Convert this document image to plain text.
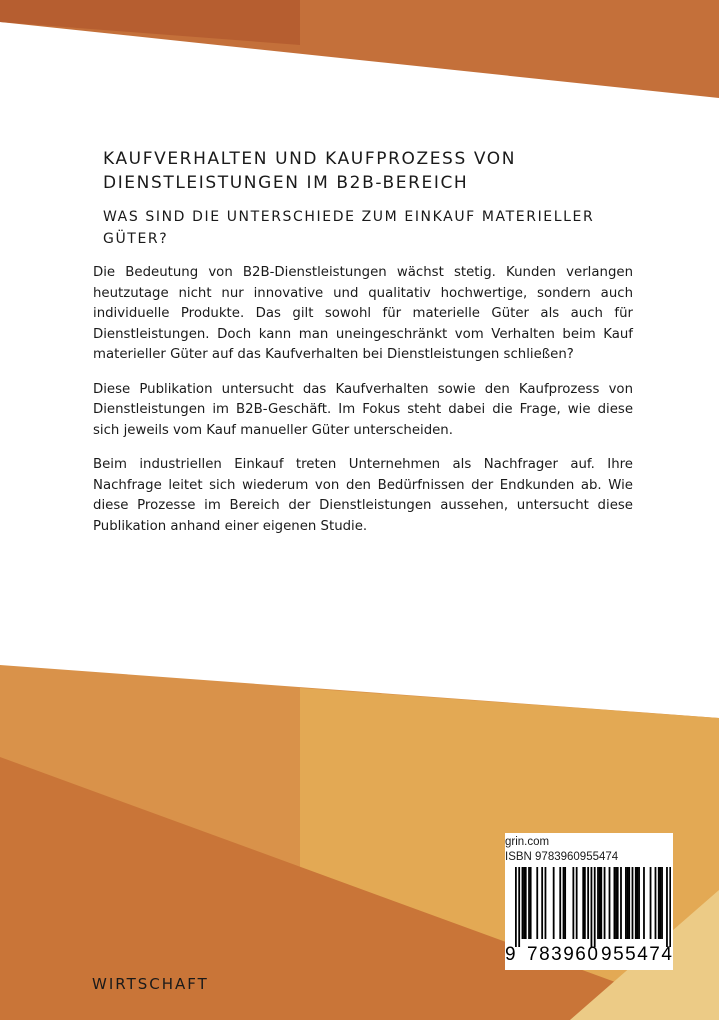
KAUFVERHALTEN UND KAUFPROZESS VON DIENSTLEISTUNGEN IM B2B-BEREICH
WAS SIND DIE UNTERSCHIEDE ZUM EINKAUF MATERIELLER GÜTER?

Die Bedeutung von B2B-Dienstleistungen wächst stetig. Kunden verlangen heutzutage nicht nur innovative und qualitativ hochwertige, sondern auch individuelle Produkte. Das gilt sowohl für materielle Güter als auch für Dienstleistungen. Doch kann man uneingeschränkt vom Verhalten beim Kauf materieller Güter auf das Kaufverhalten bei Dienstleistungen schließen?

Diese Publikation untersucht das Kaufverhalten sowie den Kaufprozess von Dienstleistungen im B2B-Geschäft. Im Fokus steht dabei die Frage, wie diese sich jeweils vom Kauf manueller Güter unterscheiden.

Beim industriellen Einkauf treten Unternehmen als Nachfrager auf. Ihre Nachfrage leitet sich wiederum von den Bedürfnissen der Endkunden ab. Wie diese Prozesse im Bereich der Dienstleistungen aussehen, untersucht diese Publikation anhand einer eigenen Studie.

WIRTSCHAFT
grin.com
ISBN 9783960955474
9 783960 955474
